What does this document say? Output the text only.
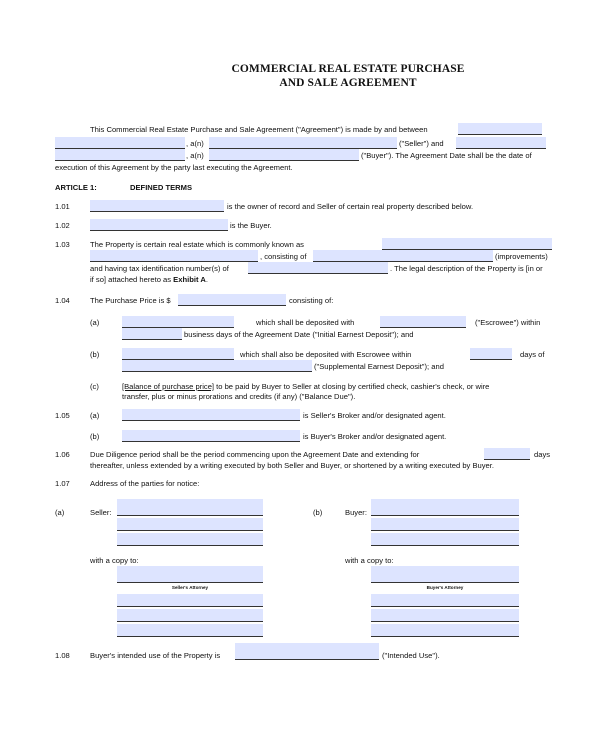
COMMERCIAL REAL ESTATE PURCHASE
AND SALE AGREEMENT
This Commercial Real Estate Purchase and Sale Agreement ("Agreement") is made by and between
, a(n)	("Seller") and
, a(n)	("Buyer"). The Agreement Date shall be the date of
execution of this Agreement by the party last executing the Agreement.
ARTICLE 1:	DEFINED TERMS
1.01	is the owner of record and Seller of certain real property described below.
1.02	is the Buyer.
1.03	The Property is certain real estate which is commonly known as
, consisting of	(improvements)
and having tax identification number(s) of	. The legal description of the Property is [in or
if so] attached hereto as Exhibit A.
1.04	The Purchase Price is $	consisting of:
(a)	which shall be deposited with	("Escrowee") within
business days of the Agreement Date ("Initial Earnest Deposit"); and
(b)	which shall also be deposited with Escrowee within	days of
("Supplemental Earnest Deposit"); and
(c)	[Balance of purchase price] to be paid by Buyer to Seller at closing by certified check, cashier's check, or wire
transfer, plus or minus prorations and credits (if any) ("Balance Due").
1.05	(a)	is Seller's Broker and/or designated agent.
(b)	is Buyer's Broker and/or designated agent.
1.06	Due Diligence period shall be the period commencing upon the Agreement Date and extending for	days
thereafter, unless extended by a writing executed by both Seller and Buyer, or shortened by a writing executed by Buyer.
1.07	Address of the parties for notice:
(a)	Seller:	(b)	Buyer:
with a copy to:
Seller's Attorney
with a copy to:
Buyer's Attorney
1.08	Buyer's intended use of the Property is	("Intended Use").
